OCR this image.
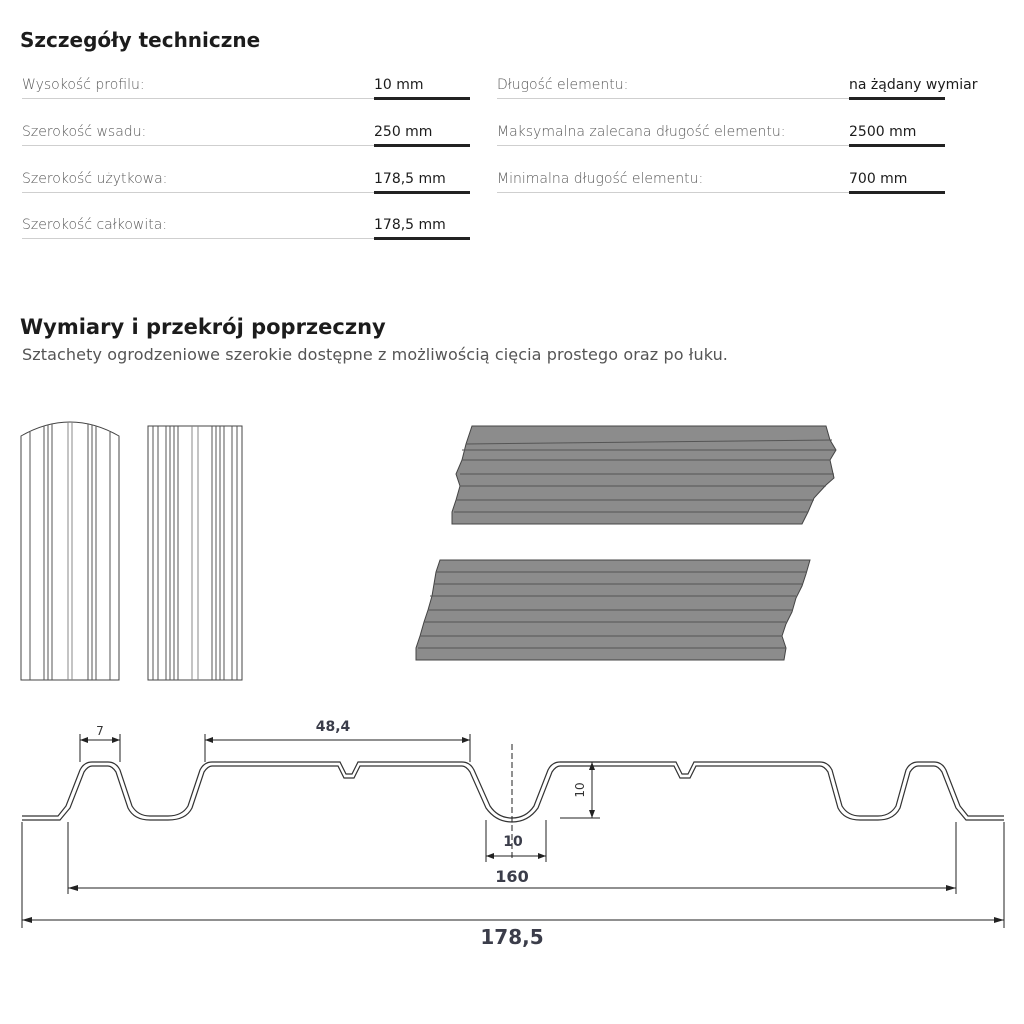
Szczegóły techniczne
Wysokość profilu:	10 mm
Szerokość wsadu:	250 mm
Szerokość użytkowa:	178,5 mm
Szerokość całkowita:	178,5 mm
Długość elementu:	na żądany wymiar
Maksymalna zalecana długość elementu:	2500 mm
Minimalna długość elementu:	700 mm
Wymiary i przekrój poprzeczny
Sztachety ogrodzeniowe szerokie dostępne z możliwością cięcia prostego oraz po łuku.
7	48,4
10
10
160
178,5
